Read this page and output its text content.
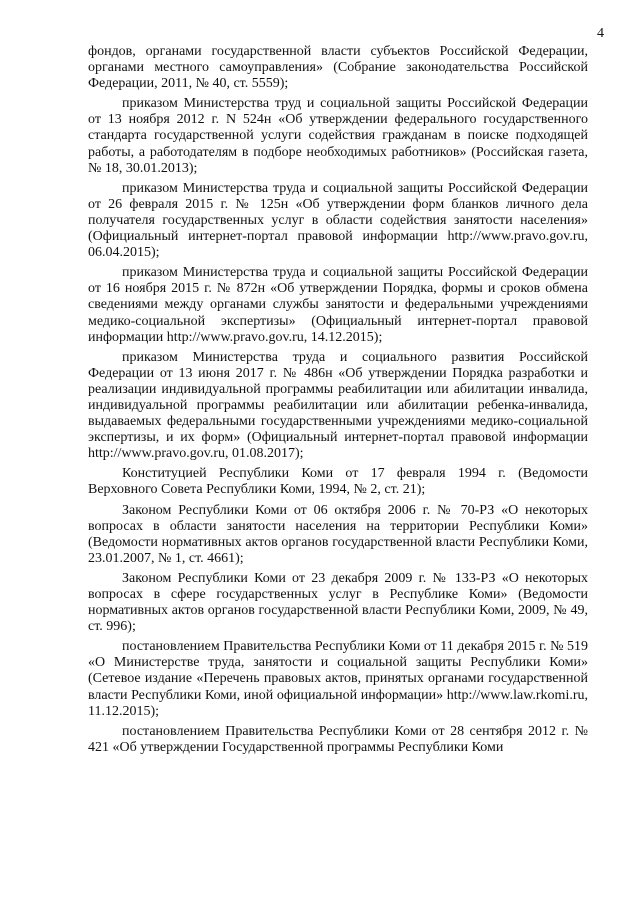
4

фондов, органами государственной власти субъектов Российской Федерации, органами местного самоуправления» (Собрание законодательства Российской Федерации, 2011, № 40, ст. 5559);

приказом Министерства труд и социальной защиты Российской Федерации от 13 ноября 2012 г. N 524н «Об утверждении федерального государственного стандарта государственной услуги содействия гражданам в поиске подходящей работы, а работодателям в подборе необходимых работников» (Российская газета, № 18, 30.01.2013);

приказом Министерства труда и социальной защиты Российской Федерации от 26 февраля 2015 г. № 125н «Об утверждении форм бланков личного дела получателя государственных услуг в области содействия занятости населения» (Официальный интернет-портал правовой информации http://www.pravo.gov.ru, 06.04.2015);

приказом Министерства труда и социальной защиты Российской Федерации от 16 ноября 2015 г. № 872н «Об утверждении Порядка, формы и сроков обмена сведениями между органами службы занятости и федеральными учреждениями медико-социальной экспертизы» (Официальный интернет-портал правовой информации http://www.pravo.gov.ru, 14.12.2015);

приказом Министерства труда и социального развития Российской Федерации от 13 июня 2017 г. № 486н «Об утверждении Порядка разработки и реализации индивидуальной программы реабилитации или абилитации инвалида, индивидуальной программы реабилитации или абилитации ребенка-инвалида, выдаваемых федеральными государственными учреждениями медико-социальной экспертизы, и их форм» (Официальный интернет-портал правовой информации http://www.pravo.gov.ru, 01.08.2017);

Конституцией Республики Коми от 17 февраля 1994 г. (Ведомости Верховного Совета Республики Коми, 1994, № 2, ст. 21);

Законом Республики Коми от 06 октября 2006 г. № 70-РЗ «О некоторых вопросах в области занятости населения на территории Республики Коми» (Ведомости нормативных актов органов государственной власти Республики Коми, 23.01.2007, № 1, ст. 4661);

Законом Республики Коми от 23 декабря 2009 г. № 133-РЗ «О некоторых вопросах в сфере государственных услуг в Республике Коми» (Ведомости нормативных актов органов государственной власти Республики Коми, 2009, № 49, ст. 996);

постановлением Правительства Республики Коми от 11 декабря 2015 г. № 519 «О Министерстве труда, занятости и социальной защиты Республики Коми» (Сетевое издание «Перечень правовых актов, принятых органами государственной власти Республики Коми, иной официальной информации» http://www.law.rkomi.ru, 11.12.2015);

постановлением Правительства Республики Коми от 28 сентября 2012 г. № 421 «Об утверждении Государственной программы Республики Коми
